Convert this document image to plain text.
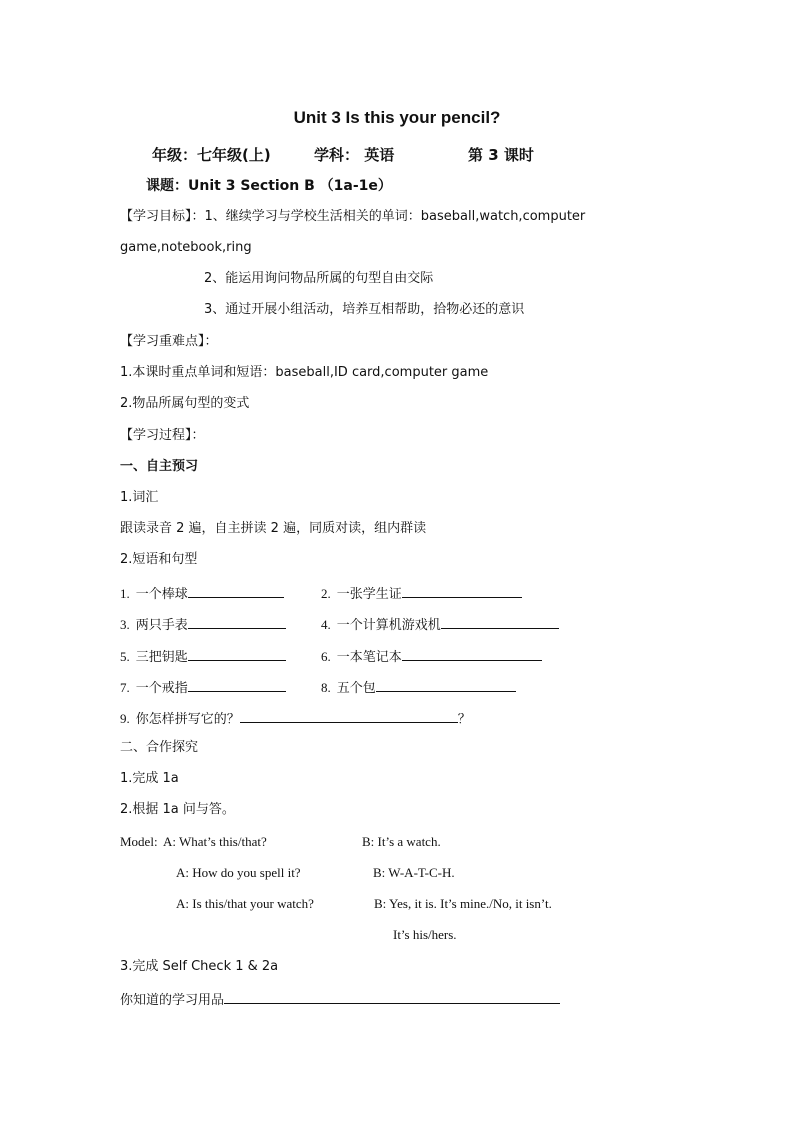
Unit 3 Is this your pencil?
年级：七年级(上)	学科： 英语	第 3 课时
课题：Unit 3 Section B （1a-1e）
【学习目标】：1、继续学习与学校生活相关的单词：baseball,watch,computer
game,notebook,ring
2、能运用询问物品所属的句型自由交际
3、通过开展小组活动，培养互相帮助，拾物必还的意识
【学习重难点】：
1.本课时重点单词和短语：baseball,ID card,computer game
2.物品所属句型的变式
【学习过程】：
一、自主预习
1.词汇
跟读录音 2 遍，自主拼读 2 遍，同质对读，组内群读
2.短语和句型
1. 一个棒球	2. 一张学生证
3. 两只手表	4. 一个计算机游戏机
5. 三把钥匙	6. 一本笔记本
7. 一个戒指	8. 五个包
9. 你怎样拼写它的？	？
二、合作探究
1.完成 1a
2.根据 1a 问与答。
Model: A: What’s this/that?	B: It’s a watch.
A: How do you spell it?	B: W-A-T-C-H.
A: Is this/that your watch?	B: Yes, it is. It’s mine./No, it isn’t.
It’s his/hers.
3.完成 Self Check 1 & 2a
你知道的学习用品
